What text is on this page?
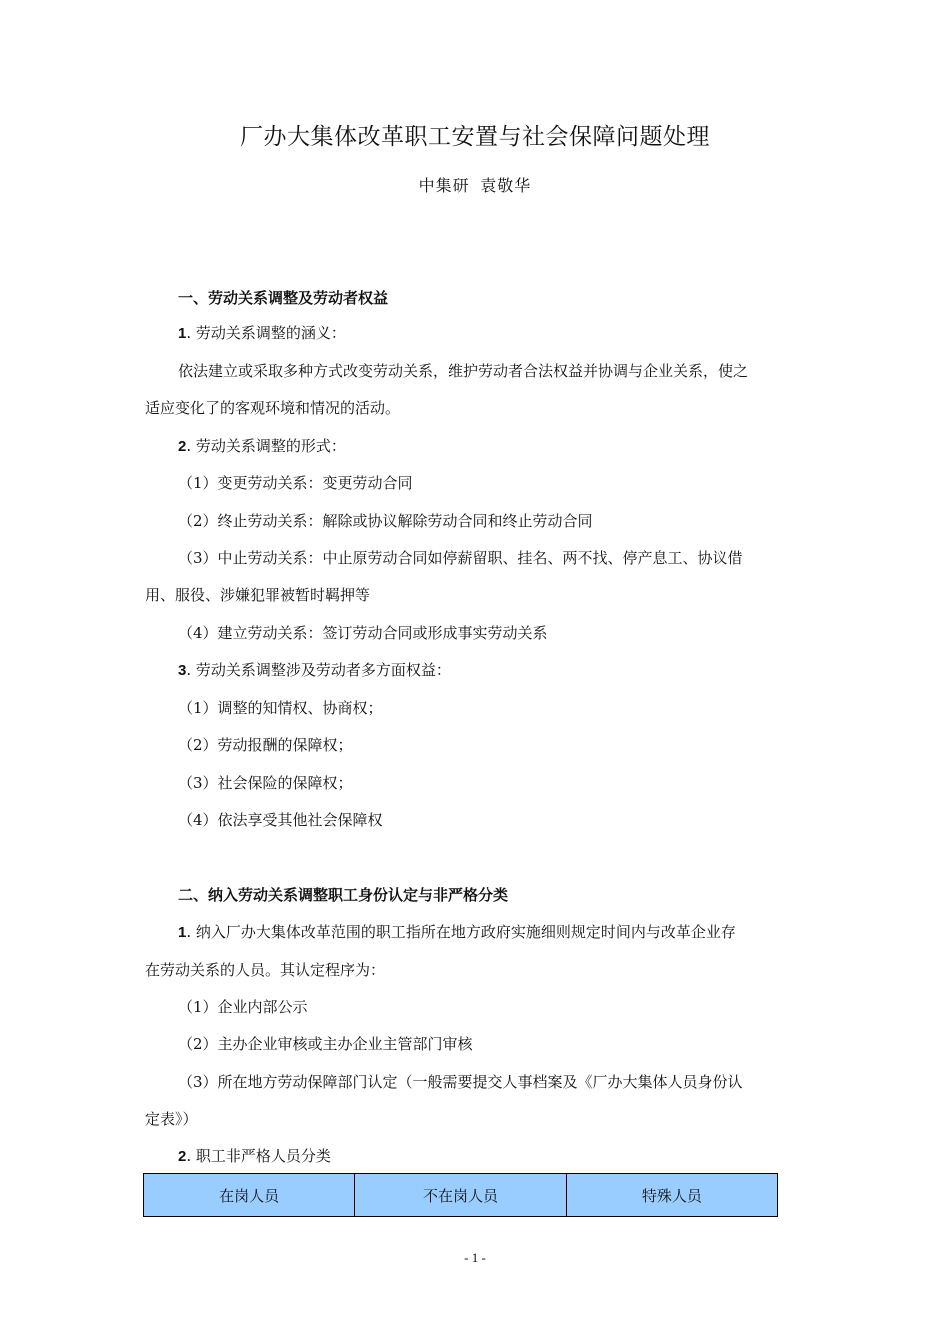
厂办大集体改革职工安置与社会保障问题处理
中集研 袁敬华
一、劳动关系调整及劳动者权益
1. 劳动关系调整的涵义：
依法建立或采取多种方式改变劳动关系，维护劳动者合法权益并协调与企业关系，使之
适应变化了的客观环境和情况的活动。
2. 劳动关系调整的形式：
（1）变更劳动关系：变更劳动合同
（2）终止劳动关系：解除或协议解除劳动合同和终止劳动合同
（3）中止劳动关系：中止原劳动合同如停薪留职、挂名、两不找、停产息工、协议借
用、服役、涉嫌犯罪被暂时羁押等
（4）建立劳动关系：签订劳动合同或形成事实劳动关系
3. 劳动关系调整涉及劳动者多方面权益：
（1）调整的知情权、协商权；
（2）劳动报酬的保障权；
（3）社会保险的保障权；
（4）依法享受其他社会保障权
二、纳入劳动关系调整职工身份认定与非严格分类
1. 纳入厂办大集体改革范围的职工指所在地方政府实施细则规定时间内与改革企业存
在劳动关系的人员。其认定程序为：
（1）企业内部公示
（2）主办企业审核或主办企业主管部门审核
（3）所在地方劳动保障部门认定（一般需要提交人事档案及《厂办大集体人员身份认
定表》）
2. 职工非严格人员分类
在岗人员	不在岗人员	特殊人员
- 1 -
